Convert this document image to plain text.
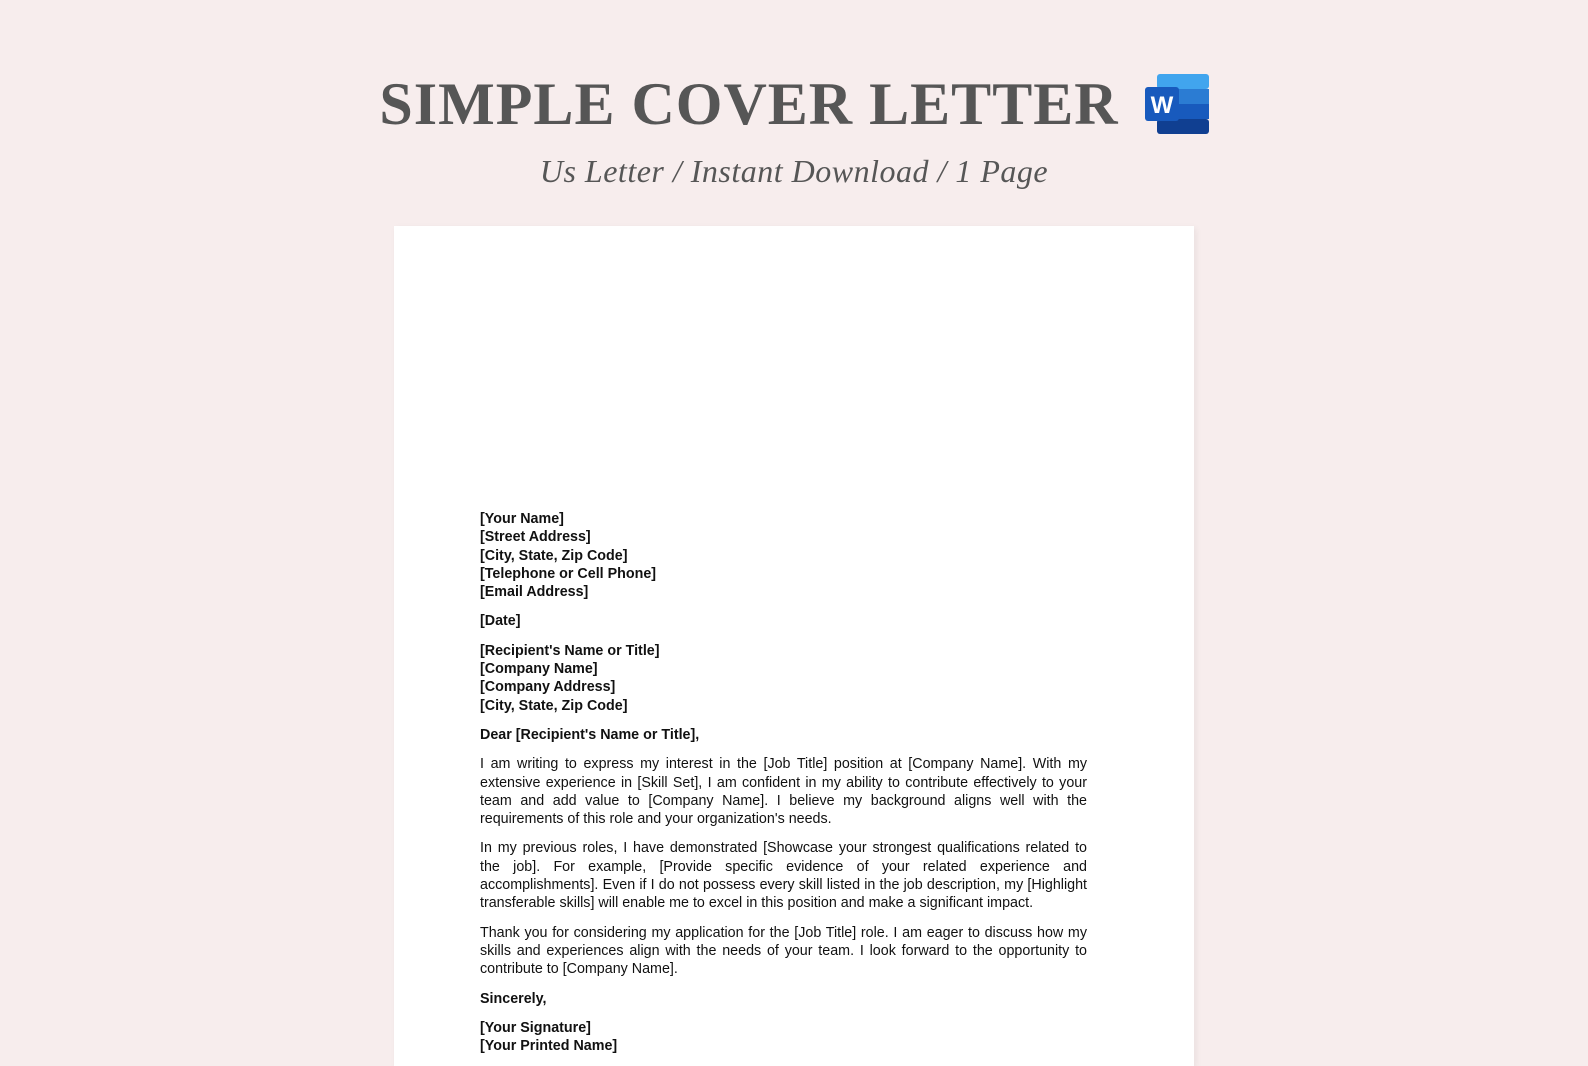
SIMPLE COVER LETTER W
Us Letter / Instant Download / 1 Page
[Your Name]
[Street Address]
[City, State, Zip Code]
[Telephone or Cell Phone]
[Email Address]
[Date]
[Recipient's Name or Title]
[Company Name]
[Company Address]
[City, State, Zip Code]
Dear [Recipient's Name or Title],
I am writing to express my interest in the [Job Title] position at [Company Name]. With my extensive experience in [Skill Set], I am confident in my ability to contribute effectively to your team and add value to [Company Name]. I believe my background aligns well with the requirements of this role and your organization's needs.
In my previous roles, I have demonstrated [Showcase your strongest qualifications related to the job]. For example, [Provide specific evidence of your related experience and accomplishments]. Even if I do not possess every skill listed in the job description, my [Highlight transferable skills] will enable me to excel in this position and make a significant impact.
Thank you for considering my application for the [Job Title] role. I am eager to discuss how my skills and experiences align with the needs of your team. I look forward to the opportunity to contribute to [Company Name].
Sincerely,
[Your Signature]
[Your Printed Name]
